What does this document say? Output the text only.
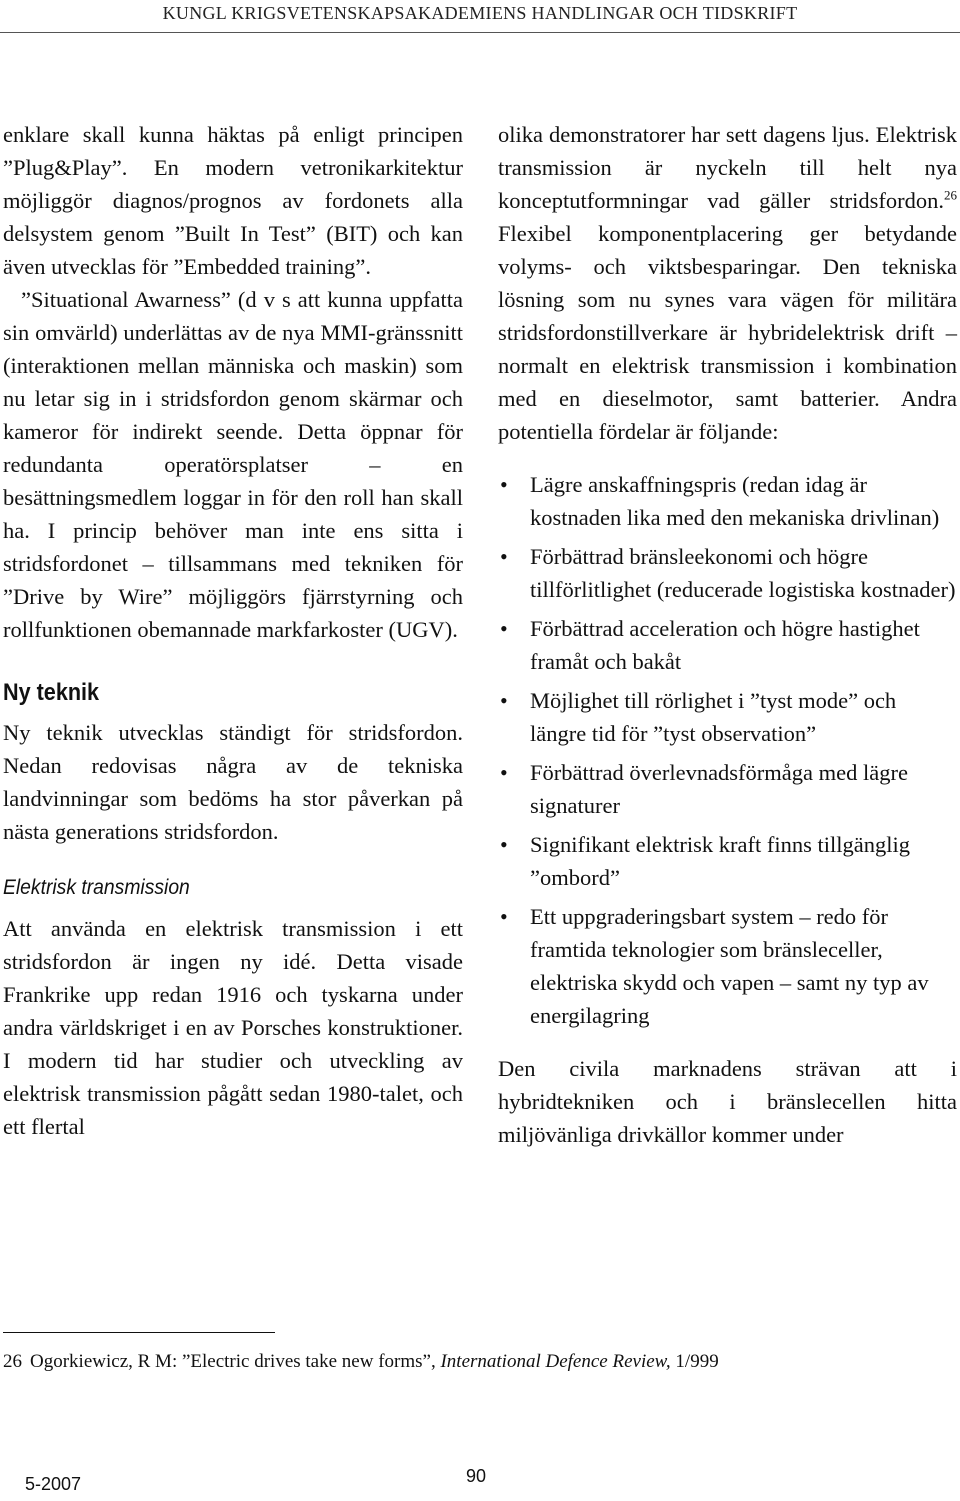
KUNGL KRIGSVETENSKAPSAKADEMIENS HANDLINGAR OCH TIDSKRIFT

enklare skall kunna häktas på enligt principen ”Plug&Play”. En modern vetronikarkitektur möjliggör diagnos/prognos av fordonets alla delsystem genom ”Built In Test” (BIT) och kan även utvecklas för ”Embedded training”.

”Situational Awarness” (d v s att kunna uppfatta sin omvärld) underlättas av de nya MMI-gränssnitt (interaktionen mellan människa och maskin) som nu letar sig in i stridsfordon genom skärmar och kameror för indirekt seende. Detta öppnar för redundanta operatörsplatser – en besättningsmedlem loggar in för den roll han skall ha. I princip behöver man inte ens sitta i stridsfordonet – tillsammans med tekniken för ”Drive by Wire” möjliggörs fjärrstyrning och rollfunktionen obemannade markfarkoster (UGV).

Ny teknik

Ny teknik utvecklas ständigt för stridsfordon. Nedan redovisas några av de tekniska landvinningar som bedöms ha stor påverkan på nästa generations stridsfordon.

Elektrisk transmission

Att använda en elektrisk transmission i ett stridsfordon är ingen ny idé. Detta visade Frankrike upp redan 1916 och tyskarna under andra världskriget i en av Porsches konstruktioner. I modern tid har studier och utveckling av elektrisk transmission pågått sedan 1980-talet, och ett flertal

olika demonstratorer har sett dagens ljus. Elektrisk transmission är nyckeln till helt nya konceptutformningar vad gäller stridsfordon.$^{26}$ Flexibel komponentplacering ger betydande volyms- och viktsbesparingar. Den tekniska lösning som nu synes vara vägen för militära stridsfordonstillverkare är hybridelektrisk drift – normalt en elektrisk transmission i kombination med en dieselmotor, samt batterier. Andra potentiella fördelar är följande:

• Lägre anskaffningspris (redan idag är kostnaden lika med den mekaniska drivlinan)
• Förbättrad bränsleekonomi och högre tillförlitlighet (reducerade logistiska kostnader)
• Förbättrad acceleration och högre hastighet framåt och bakåt
• Möjlighet till rörlighet i ”tyst mode” och längre tid för ”tyst observation”
• Förbättrad överlevnadsförmåga med lägre signaturer
• Signifikant elektrisk kraft finns tillgänglig ”ombord”
• Ett uppgraderingsbart system – redo för framtida teknologier som bränsleceller, elektriska skydd och vapen – samt ny typ av energilagring

Den civila marknadens strävan att i hybridtekniken och i bränslecellen hitta miljövänliga drivkällor kommer under

26 Ogorkiewicz, R M: ”Electric drives take new forms”, International Defence Review, 1/999
5-2007	90
